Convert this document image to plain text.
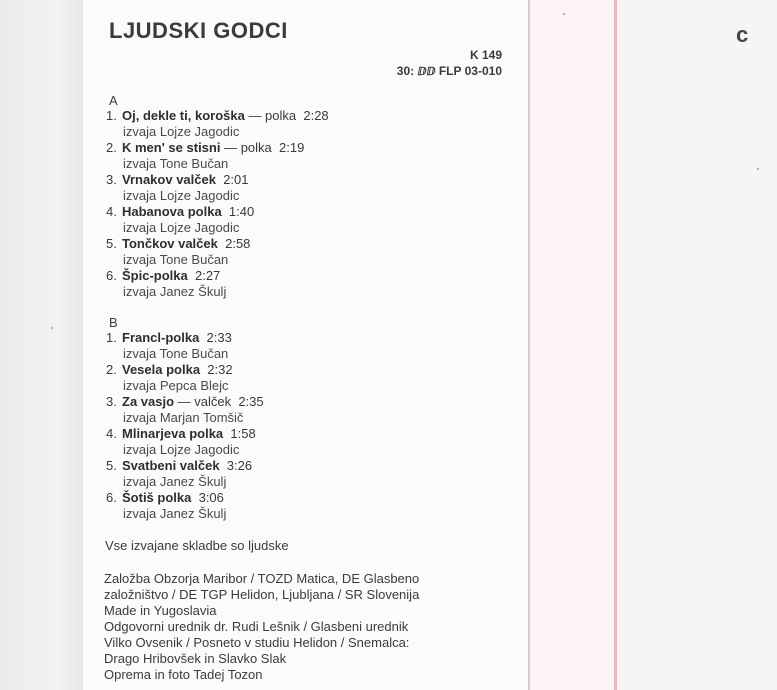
LJUDSKI GODCI
K 149
30: ⅅⅅ FLP 03-010
A
1. Oj, dekle ti, koroška — polka  2:28
izvaja Lojze Jagodic
2. K men' se stisni — polka  2:19
izvaja Tone Bučan
3. Vrnakov valček  2:01
izvaja Lojze Jagodic
4. Habanova polka  1:40
izvaja Lojze Jagodic
5. Tončkov valček  2:58
izvaja Tone Bučan
6. Špic-polka  2:27
izvaja Janez Škulj
B
1. Francl-polka  2:33
izvaja Tone Bučan
2. Vesela polka  2:32
izvaja Pepca Blejc
3. Za vasjo — valček  2:35
izvaja Marjan Tomšič
4. Mlinarjeva polka  1:58
izvaja Lojze Jagodic
5. Svatbeni valček  3:26
izvaja Janez Škulj
6. Šotiš polka  3:06
izvaja Janez Škulj
Vse izvajane skladbe so ljudske
Založba Obzorja Maribor / TOZD Matica, DE Glasbeno
založništvo / DE TGP Helidon, Ljubljana / SR Slovenija
Made in Yugoslavia
Odgovorni urednik dr. Rudi Lešnik / Glasbeni urednik
Vilko Ovsenik / Posneto v studiu Helidon / Snemalca:
Drago Hribovšek in Slavko Slak
Oprema in foto Tadej Tozon
ɔ
